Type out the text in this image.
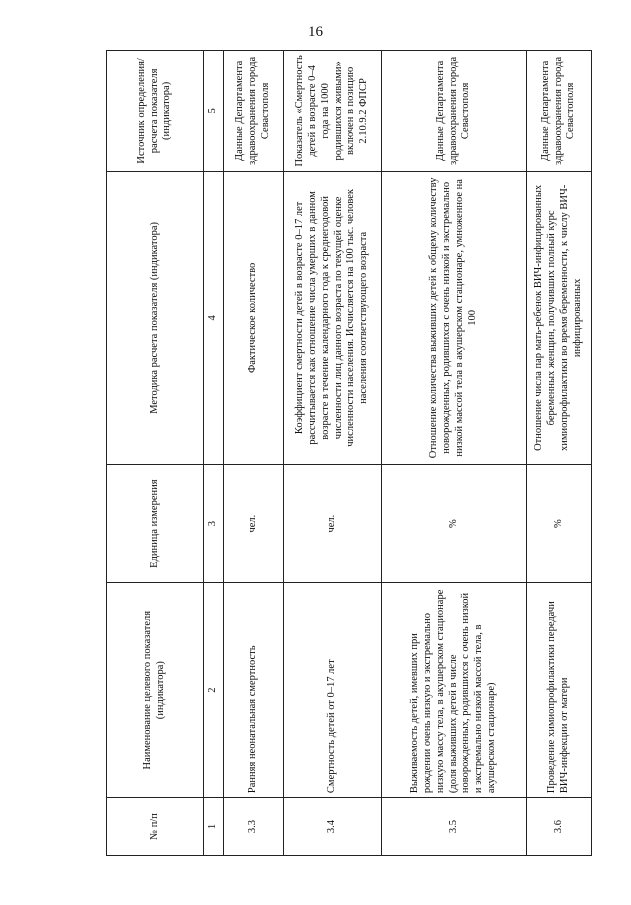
16
№ п/п	Наименование целевого показателя (индикатора)	Единица измерения	Методика расчета показателя (индикатора)	Источник определения/ расчета показателя (индикатора)
1	2	3	4	5
3.3	Ранняя неонатальная смертность	чел.	Фактическое количество	Данные Департамента здравоохранения города Севастополя
3.4	Смертность детей от 0–17 лет	чел.	Коэффициент смертности детей в возрасте 0–17 лет рассчитывается как отношение числа умерших в данном возрасте в течение календарного года к среднегодовой численности лиц данного возраста по текущей оценке численности населения. Исчисляется на 100 тыс. человек населения соответствующего возраста	Показатель «Смертность детей в возрасте 0–4 года на 1000 родившихся живыми» включен в позицию 2.10.9.2 ФПСР
3.5	Выживаемость детей, имевших при рождении очень низкую и экстремально низкую массу тела, в акушерском стационаре (доля выживших детей в числе новорожденных, родившихся с очень низкой и экстремально низкой массой тела, в акушерском стационаре)	%	Отношение количества выживших детей к общему количеству новорожденных, родившихся с очень низкой и экстремально низкой массой тела в акушерском стационаре, умноженное на 100	Данные Департамента здравоохранения города Севастополя
3.6	Проведение химиопрофилактики передачи ВИЧ-инфекции от матери	%	Отношение числа пар мать-ребенок ВИЧ-инфицированных беременных женщин, получивших полный курс химиопрофилактики во время беременности, к числу ВИЧ-инфицированных	Данные Департамента здравоохранения города Севастополя
